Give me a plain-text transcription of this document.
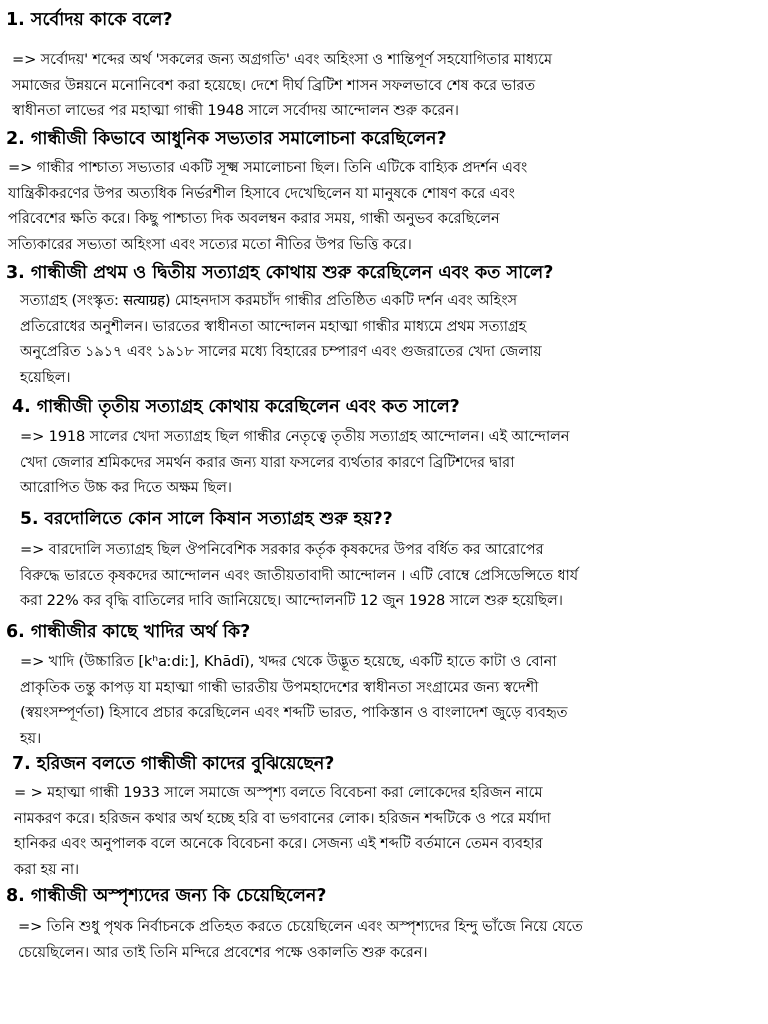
1. সর্বোদয় কাকে বলে?

=> সর্বোদয়' শব্দের অর্থ 'সকলের জন্য অগ্রগতি' এবং অহিংসা ও শান্তিপূর্ণ সহযোগিতার মাধ্যমে

সমাজের উন্নয়নে মনোনিবেশ করা হয়েছে। দেশে দীর্ঘ ব্রিটিশ শাসন সফলভাবে শেষ করে ভারত

স্বাধীনতা লাভের পর মহাত্মা গান্ধী 1948 সালে সর্বোদয় আন্দোলন শুরু করেন।

2. গান্ধীজী কিভাবে আধুনিক সভ্যতার সমালোচনা করেছিলেন?

=> গান্ধীর পাশ্চাত্য সভ্যতার একটি সূক্ষ্ম সমালোচনা ছিল। তিনি এটিকে বাহ্যিক প্রদর্শন এবং

যান্ত্রিকীকরণের উপর অত্যধিক নির্ভরশীল হিসাবে দেখেছিলেন যা মানুষকে শোষণ করে এবং

পরিবেশের ক্ষতি করে। কিছু পাশ্চাত্য দিক অবলম্বন করার সময়, গান্ধী অনুভব করেছিলেন

সত্যিকারের সভ্যতা অহিংসা এবং সত্যের মতো নীতির উপর ভিত্তি করে।

3. গান্ধীজী প্রথম ও দ্বিতীয় সত্যাগ্রহ কোথায় শুরু করেছিলেন এবং কত সালে?

সত্যাগ্রহ (সংস্কৃত: सत्याग्रह) মোহনদাস করমচাঁদ গান্ধীর প্রতিষ্ঠিত একটি দর্শন এবং অহিংস

প্রতিরোধের অনুশীলন। ভারতের স্বাধীনতা আন্দোলন মহাত্মা গান্ধীর মাধ্যমে প্রথম সত্যাগ্রহ

অনুপ্রেরিত ১৯১৭ এবং ১৯১৮ সালের মধ্যে বিহারের চম্পারণ এবং গুজরাতের খেদা জেলায়

হয়েছিল।

4. গান্ধীজী তৃতীয় সত্যাগ্রহ কোথায় করেছিলেন এবং কত সালে?

=> 1918 সালের খেদা সত্যাগ্রহ ছিল গান্ধীর নেতৃত্বে তৃতীয় সত্যাগ্রহ আন্দোলন। এই আন্দোলন

খেদা জেলার শ্রমিকদের সমর্থন করার জন্য যারা ফসলের ব্যর্থতার কারণে ব্রিটিশদের দ্বারা

আরোপিত উচ্চ কর দিতে অক্ষম ছিল।

5. বরদোলিতে কোন সালে কিষান সত্যাগ্রহ শুরু হয়??

=> বারদোলি সত্যাগ্রহ ছিল ঔপনিবেশিক সরকার কর্তৃক কৃষকদের উপর বর্ধিত কর আরোপের

বিরুদ্ধে ভারতে কৃষকদের আন্দোলন এবং জাতীয়তাবাদী আন্দোলন । এটি বোম্বে প্রেসিডেন্সিতে ধার্য

করা 22% কর বৃদ্ধি বাতিলের দাবি জানিয়েছে। আন্দোলনটি 12 জুন 1928 সালে শুরু হয়েছিল।

6. গান্ধীজীর কাছে খাদির অর্থ কি?

=> খাদি (উচ্চারিত [kʰaːdiː], Khādī), খদ্দর থেকে উদ্ভূত হয়েছে, একটি হাতে কাটা ও বোনা

প্রাকৃতিক তন্তু কাপড় যা মহাত্মা গান্ধী ভারতীয় উপমহাদেশের স্বাধীনতা সংগ্রামের জন্য স্বদেশী

(স্বয়ংসম্পূর্ণতা) হিসাবে প্রচার করেছিলেন এবং শব্দটি ভারত, পাকিস্তান ও বাংলাদেশ জুড়ে ব্যবহৃত

হয়।

7. হরিজন বলতে গান্ধীজী কাদের বুঝিয়েছেন?

= > মহাত্মা গান্ধী 1933 সালে সমাজে অস্পৃশ্য বলতে বিবেচনা করা লোকেদের হরিজন নামে

নামকরণ করে। হরিজন কথার অর্থ হচ্ছে হরি বা ভগবানের লোক। হরিজন শব্দটিকে ও পরে মর্যাদা

হানিকর এবং অনুপালক বলে অনেকে বিবেচনা করে। সেজন্য এই শব্দটি বর্তমানে তেমন ব্যবহার

করা হয় না।

8. গান্ধীজী অস্পৃশ্যদের জন্য কি চেয়েছিলেন?

=> তিনি শুধু পৃথক নির্বাচনকে প্রতিহত করতে চেয়েছিলেন এবং অস্পৃশ্যদের হিন্দু ভাঁজে নিয়ে যেতে

চেয়েছিলেন। আর তাই তিনি মন্দিরে প্রবেশের পক্ষে ওকালতি শুরু করেন।
